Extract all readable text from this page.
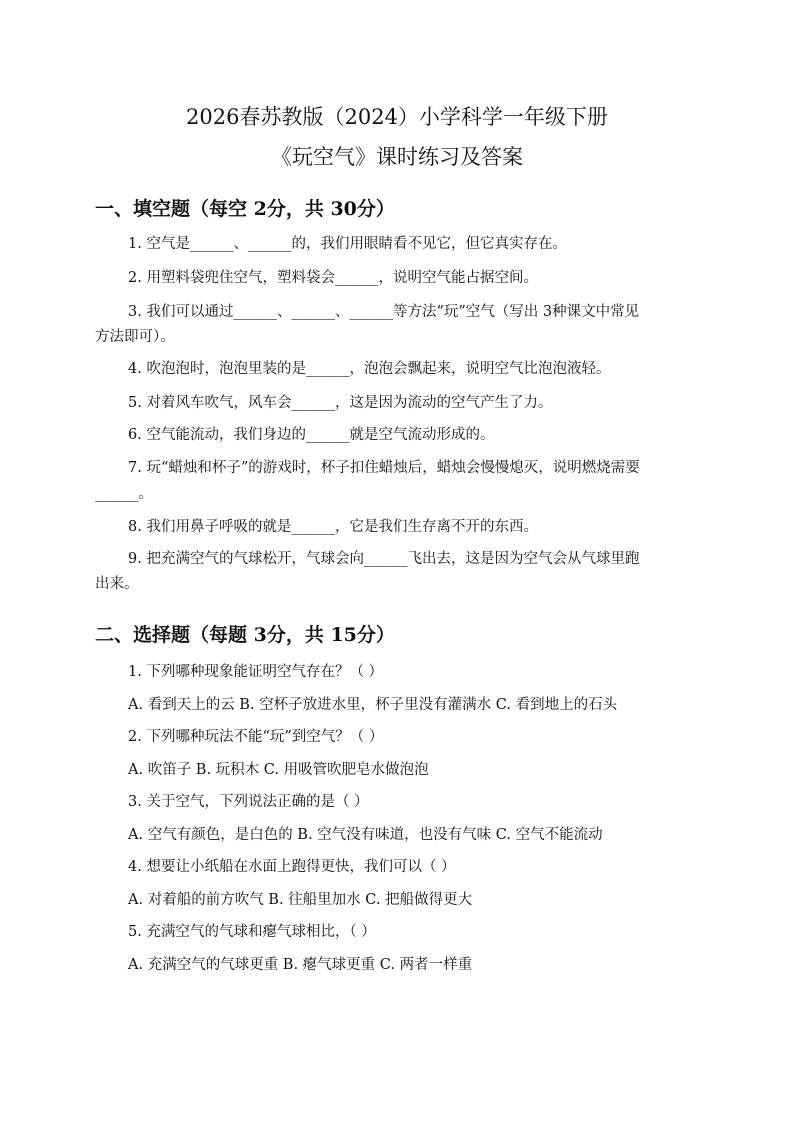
2026春苏教版（2024）小学科学一年级下册
《玩空气》课时练习及答案
一、填空题（每空 2分，共 30分）
1. 空气是______、______的，我们用眼睛看不见它，但它真实存在。
2. 用塑料袋兜住空气，塑料袋会______，说明空气能占据空间。
3. 我们可以通过______、______、______等方法“玩”空气（写出 3种课文中常见
方法即可）。
4. 吹泡泡时，泡泡里装的是______，泡泡会飘起来，说明空气比泡泡液轻。
5. 对着风车吹气，风车会______，这是因为流动的空气产生了力。
6. 空气能流动，我们身边的______就是空气流动形成的。
7. 玩“蜡烛和杯子”的游戏时，杯子扣住蜡烛后，蜡烛会慢慢熄灭，说明燃烧需要
______。
8. 我们用鼻子呼吸的就是______，它是我们生存离不开的东西。
9. 把充满空气的气球松开，气球会向______飞出去，这是因为空气会从气球里跑
出来。
二、选择题（每题 3分，共 15分）
1. 下列哪种现象能证明空气存在？（ ）
A. 看到天上的云 B. 空杯子放进水里，杯子里没有灌满水 C. 看到地上的石头
2. 下列哪种玩法不能“玩”到空气？（ ）
A. 吹笛子 B. 玩积木 C. 用吸管吹肥皂水做泡泡
3. 关于空气，下列说法正确的是（ ）
A. 空气有颜色，是白色的 B. 空气没有味道，也没有气味 C. 空气不能流动
4. 想要让小纸船在水面上跑得更快，我们可以（ ）
A. 对着船的前方吹气 B. 往船里加水 C. 把船做得更大
5. 充满空气的气球和瘪气球相比，（ ）
A. 充满空气的气球更重 B. 瘪气球更重 C. 两者一样重
